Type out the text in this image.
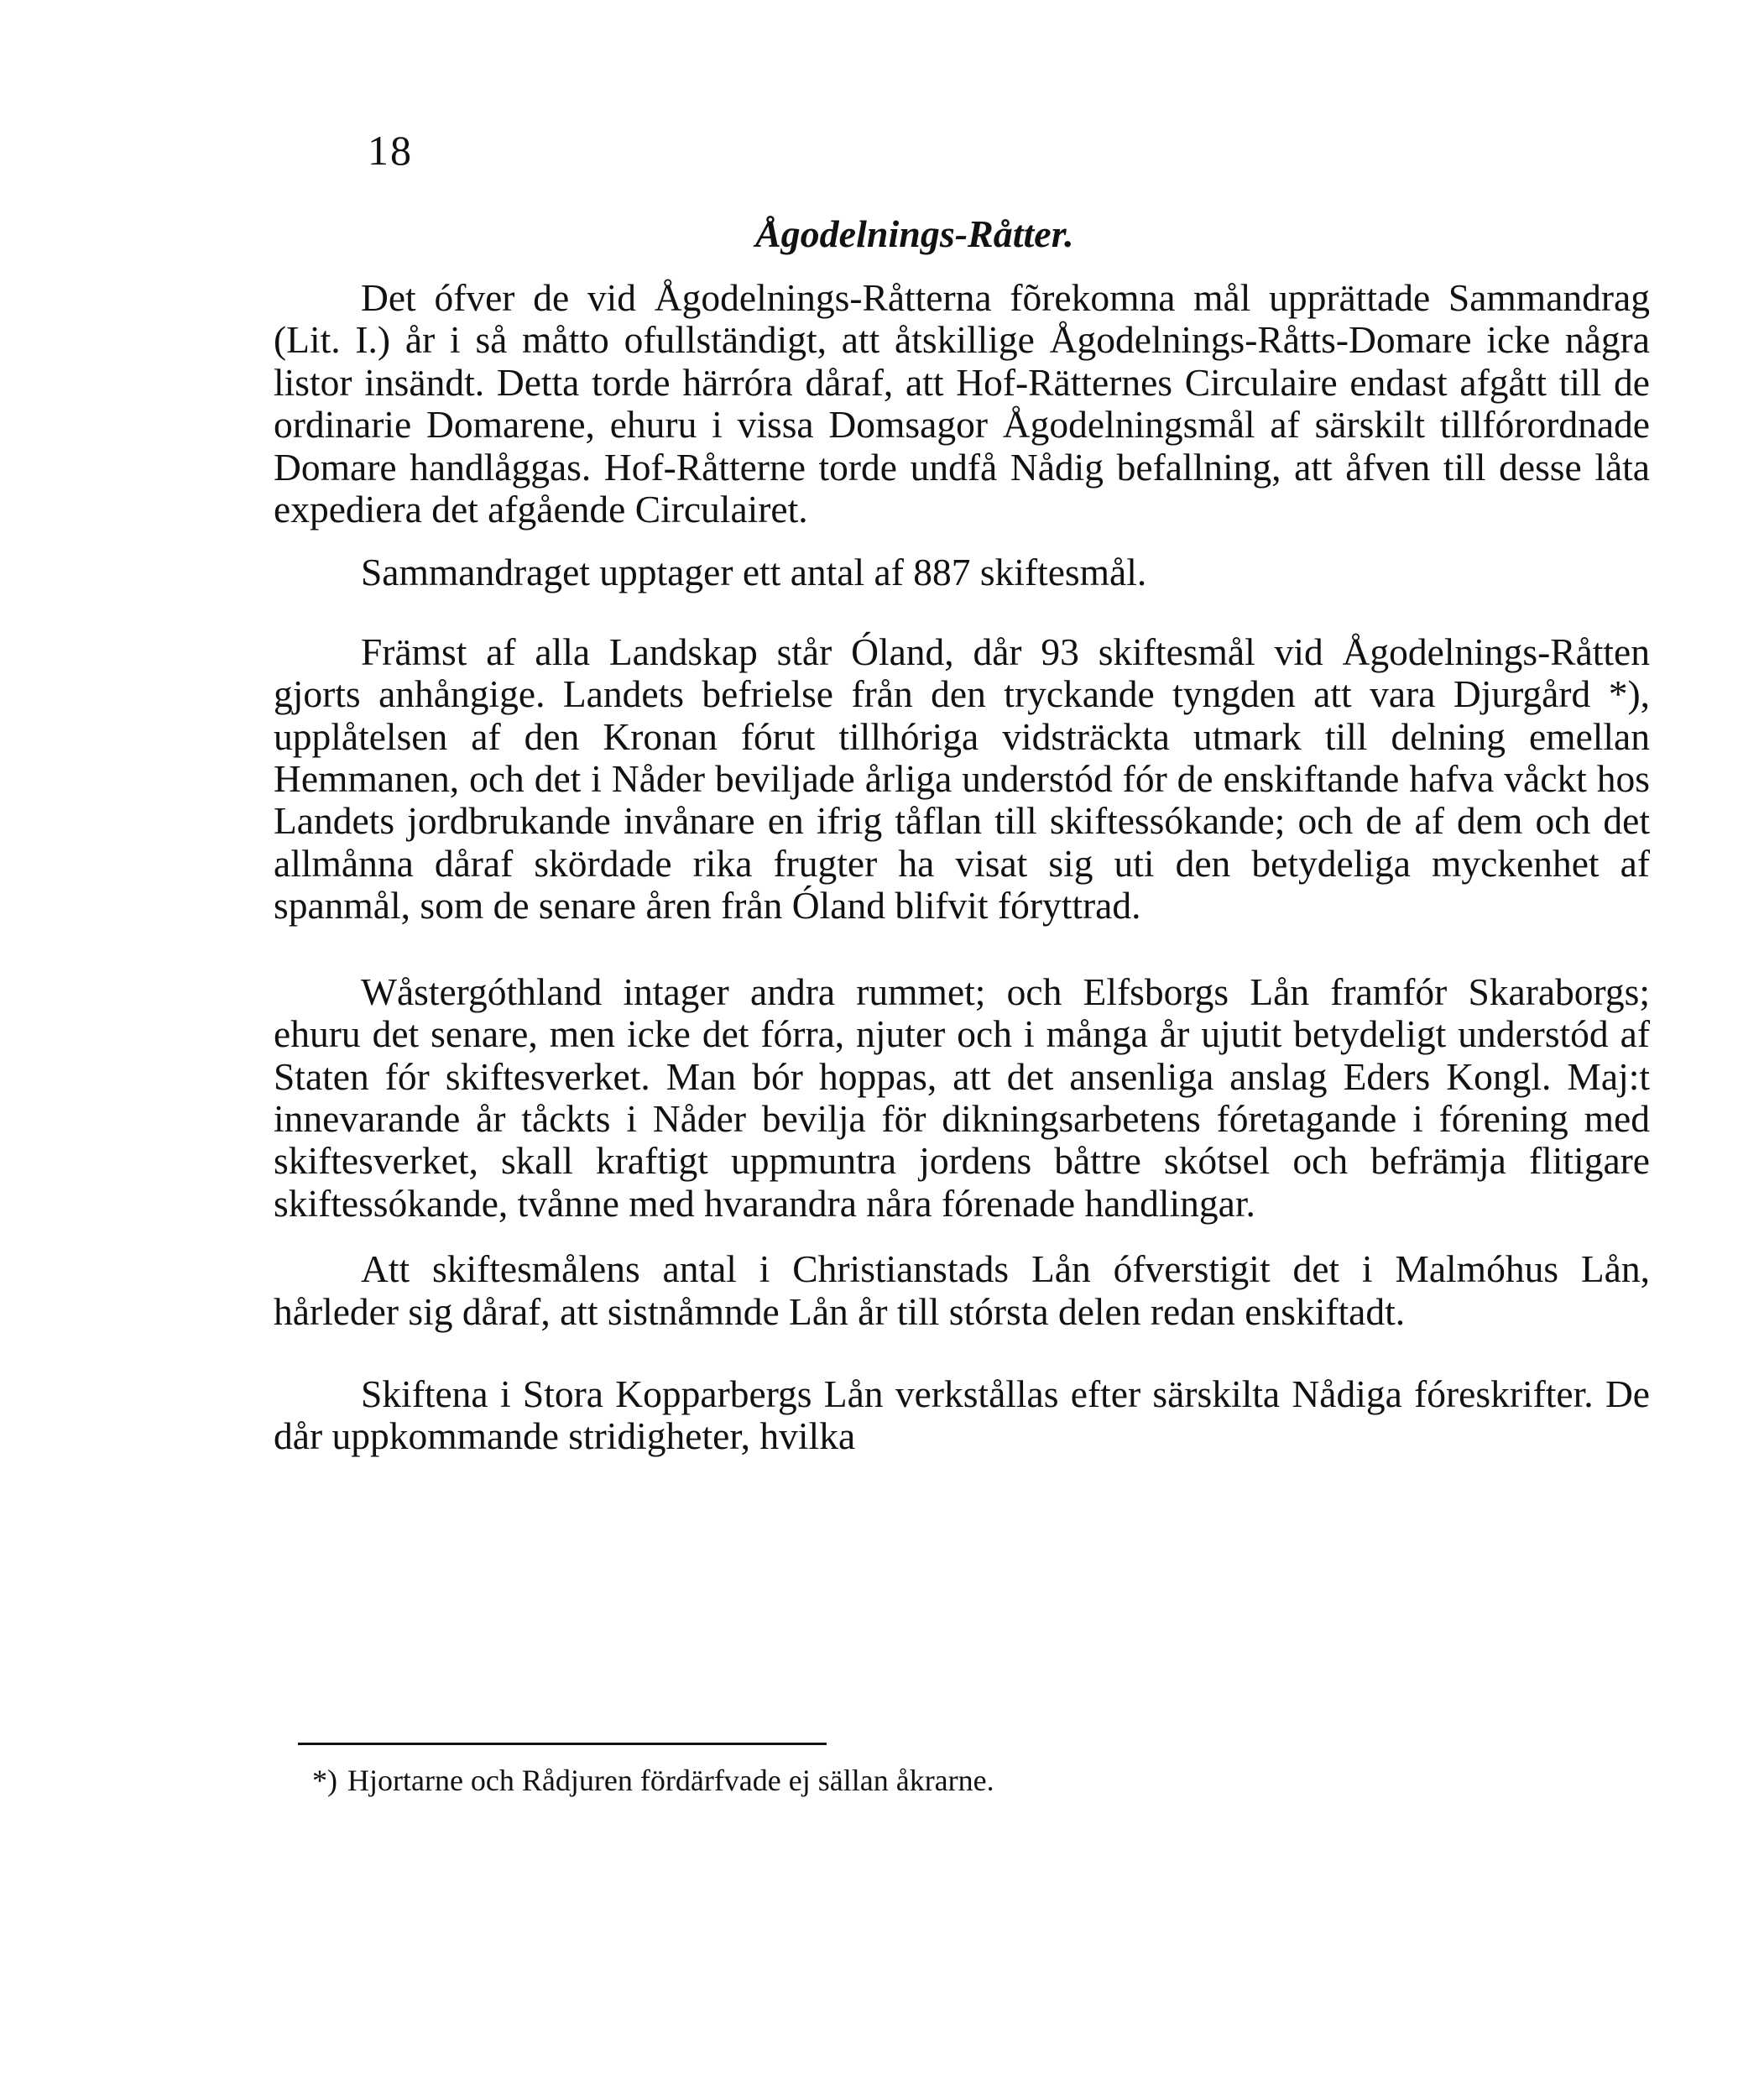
18
Ågodelnings-Råtter.

Det ófver de vid Ågodelnings-Råtterna fõrekomna mål upprättade Sammandrag (Lit. I.) år i så måtto ofullständigt, att åtskillige Ågodelnings-Råtts-Domare icke några listor insändt. Detta torde härróra dåraf, att Hof-Rätternes Circulaire endast afgått till de ordinarie Domarene, ehuru i vissa Domsagor Ågodelningsmål af särskilt tillfórordnade Domare handlåggas. Hof-Råtterne torde undfå Nådig befallning, att åfven till desse låta expediera det afgående Circulairet.

Sammandraget upptager ett antal af 887 skiftesmål.

Främst af alla Landskap står Óland, dår 93 skiftesmål vid Ågodelnings-Råtten gjorts anhångige. Landets befrielse från den tryckande tyngden att vara Djurgård *), upplåtelsen af den Kronan fórut tillhóriga vidsträckta utmark till delning emellan Hemmanen, och det i Nåder beviljade årliga understód fór de enskiftande hafva våckt hos Landets jordbrukande invånare en ifrig tåflan till skiftessókande; och de af dem och det allmånna dåraf skördade rika frugter ha visat sig uti den betydeliga myckenhet af spanmål, som de senare åren från Óland blifvit fóryttrad.

Wåstergóthland intager andra rummet; och Elfsborgs Lån framfór Skaraborgs; ehuru det senare, men icke det fórra, njuter och i många år ujutit betydeligt understód af Staten fór skiftesverket. Man bór hoppas, att det ansenliga anslag Eders Kongl. Maj:t innevarande år tåckts i Nåder bevilja för dikningsarbetens fóretagande i fórening med skiftesverket, skall kraftigt uppmuntra jordens båttre skótsel och befrämja flitigare skiftessókande, tvånne med hvarandra nåra fórenade handlingar.

Att skiftesmålens antal i Christianstads Lån ófverstigit det i Malmóhus Lån, hårleder sig dåraf, att sistnåmnde Lån år till stórsta delen redan enskiftadt.

Skiftena i Stora Kopparbergs Lån verkstållas efter särskilta Nådiga fóreskrifter. De dår uppkommande stridigheter, hvilka

*) Hjortarne och Rådjuren fördärfvade ej sällan åkrarne.
